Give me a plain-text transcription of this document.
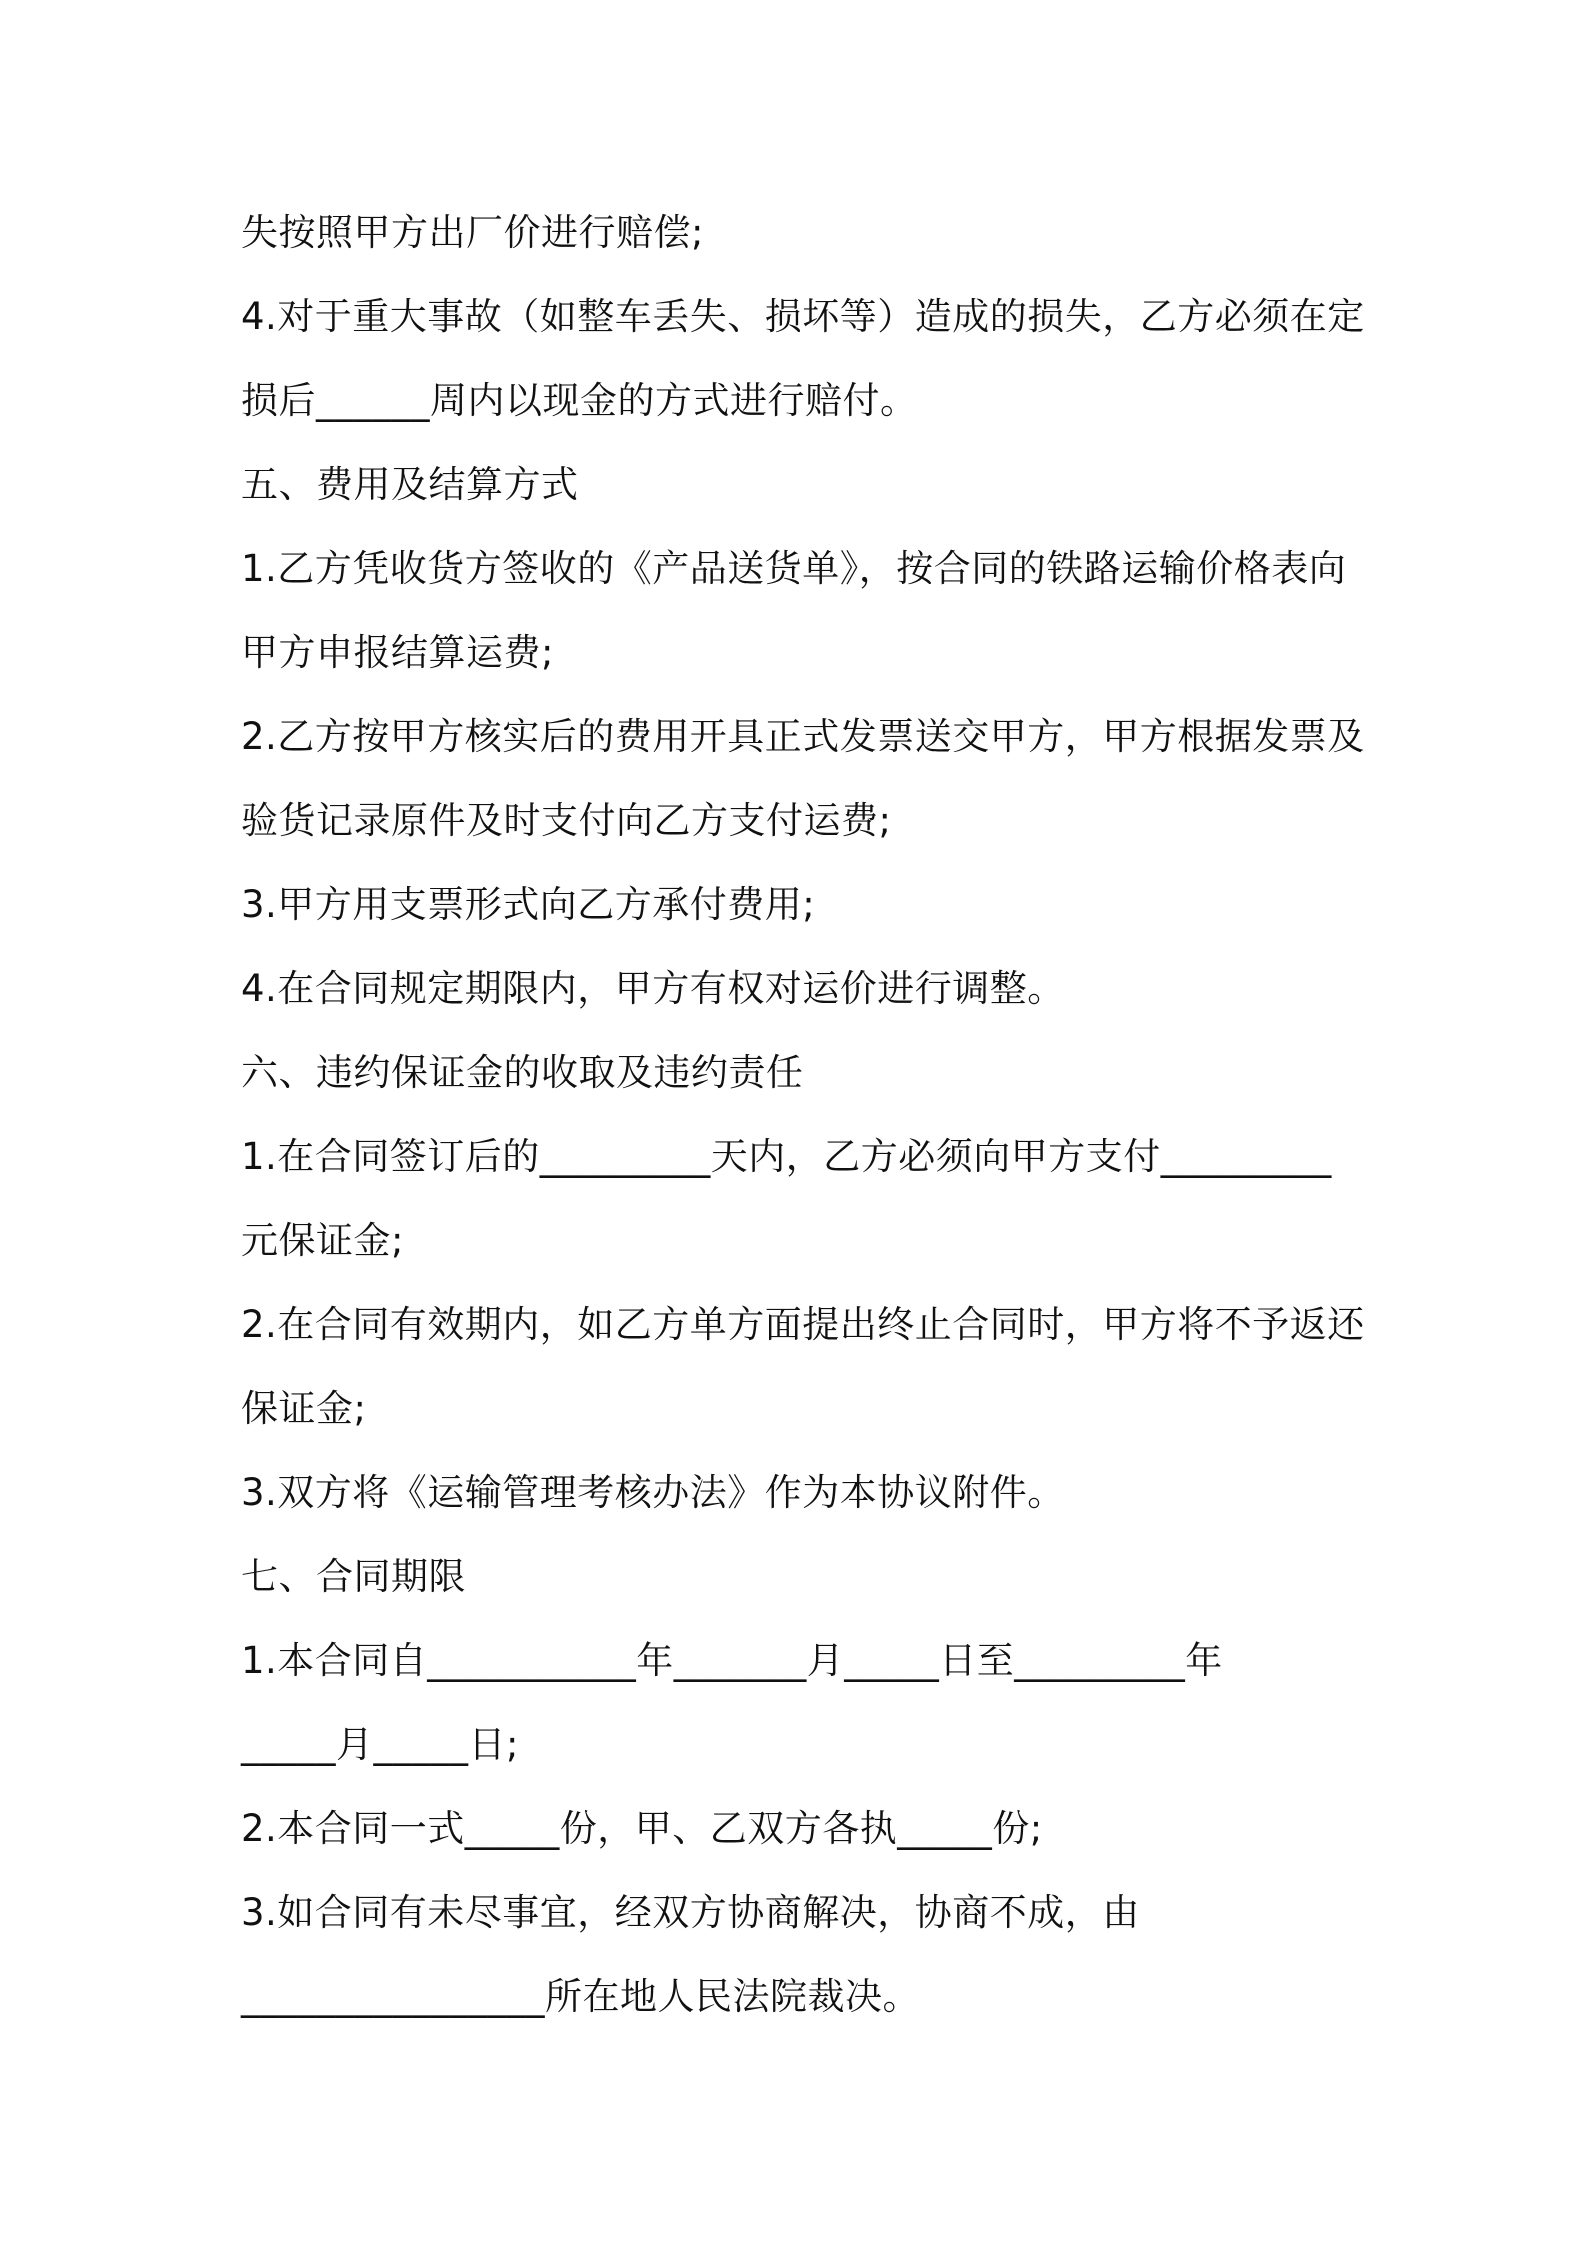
失按照甲方出厂价进行赔偿;
4.对于重大事故（如整车丢失、损坏等）造成的损失，乙方必须在定
损后______周内以现金的方式进行赔付。
五、费用及结算方式
1.乙方凭收货方签收的《产品送货单》，按合同的铁路运输价格表向
甲方申报结算运费;
2.乙方按甲方核实后的费用开具正式发票送交甲方，甲方根据发票及
验货记录原件及时支付向乙方支付运费;
3.甲方用支票形式向乙方承付费用;
4.在合同规定期限内，甲方有权对运价进行调整。
六、违约保证金的收取及违约责任
1.在合同签订后的_________天内，乙方必须向甲方支付_________
元保证金;
2.在合同有效期内，如乙方单方面提出终止合同时，甲方将不予返还
保证金;
3.双方将《运输管理考核办法》作为本协议附件。
七、合同期限
1.本合同自___________年_______月_____日至_________年
_____月_____日;
2.本合同一式_____份，甲、乙双方各执_____份;
3.如合同有未尽事宜，经双方协商解决，协商不成，由
________________所在地人民法院裁决。
